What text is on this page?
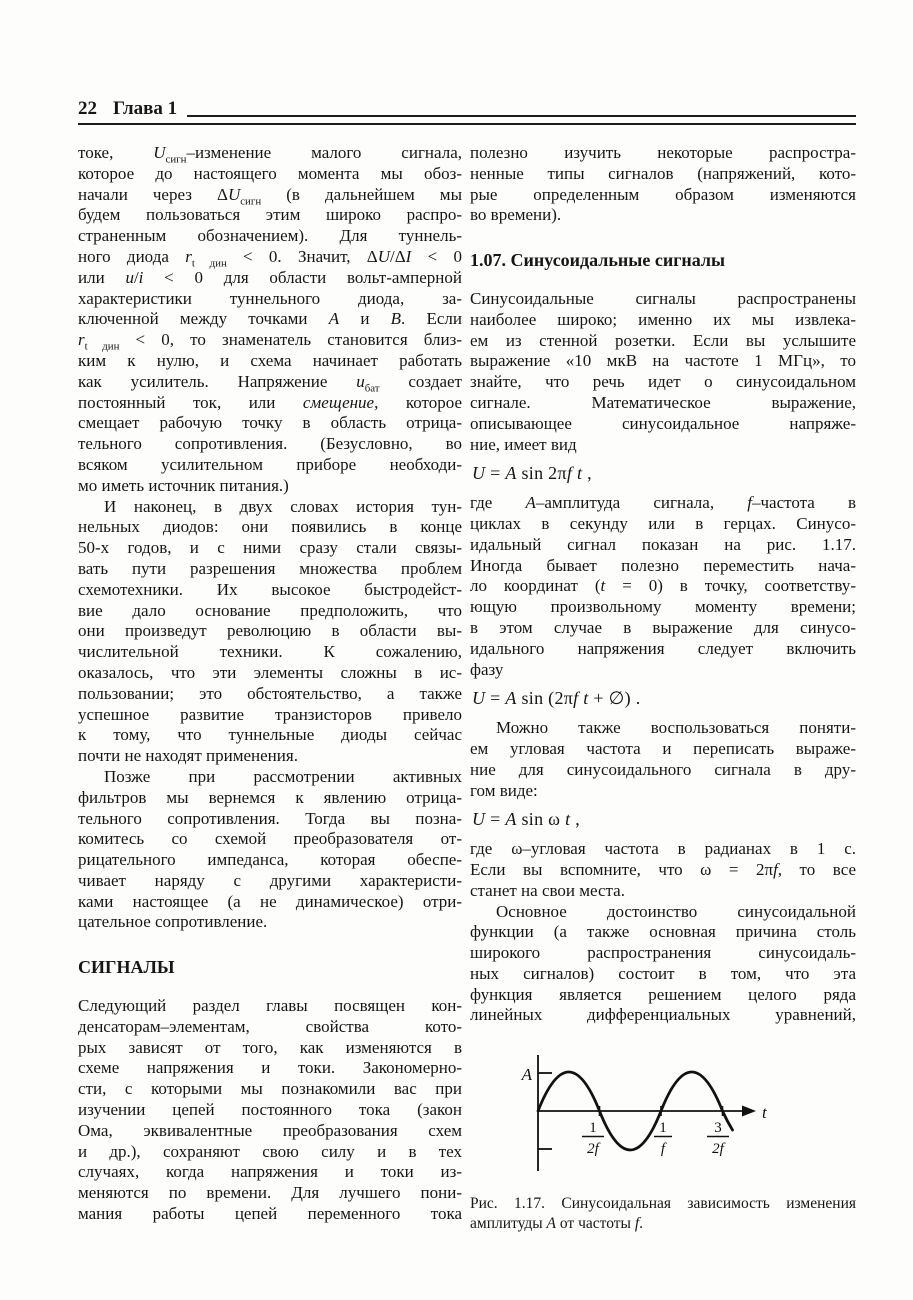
22 Глава 1
токе, $U_{сигн}$–изменение малого сигнала,
которое до настоящего момента мы обоз-
начали через $\Delta U_{сигн}$ (в дальнейшем мы
будем пользоваться этим широко распро-
страненным обозначением). Для туннель-
ного диода $r_{t дин} < 0$. Значит, ΔU/ΔI < 0
или u/i < 0 для области вольт-амперной
характеристики туннельного диода, за-
ключенной между точками A и B. Если
$r_{t дин} < 0$, то знаменатель становится близ-
ким к нулю, и схема начинает работать
как усилитель. Напряжение $u_{бат}$ создает
постоянный ток, или смещение, которое
смещает рабочую точку в область отрица-
тельного сопротивления. (Безусловно, во
всяком усилительном приборе необходи-
мо иметь источник питания.)
И наконец, в двух словах история тун-
нельных диодов: они появились в конце
50-х годов, и с ними сразу стали связы-
вать пути разрешения множества проблем
схемотехники. Их высокое быстродейст-
вие дало основание предположить, что
они произведут революцию в области вы-
числительной техники. К сожалению,
оказалось, что эти элементы сложны в ис-
пользовании; это обстоятельство, а также
успешное развитие транзисторов привело
к тому, что туннельные диоды сейчас
почти не находят применения.
Позже при рассмотрении активных
фильтров мы вернемся к явлению отрица-
тельного сопротивления. Тогда вы позна-
комитесь со схемой преобразователя от-
рицательного импеданса, которая обеспе-
чивает наряду с другими характеристи-
ками настоящее (а не динамическое) отри-
цательное сопротивление.
СИГНАЛЫ
Следующий раздел главы посвящен кон-
денсаторам–элементам, свойства кото-
рых зависят от того, как изменяются в
схеме напряжения и токи. Закономерно-
сти, с которыми мы познакомили вас при
изучении цепей постоянного тока (закон
Ома, эквивалентные преобразования схем
и др.), сохраняют свою силу и в тех
случаях, когда напряжения и токи из-
меняются по времени. Для лучшего пони-
мания работы цепей переменного тока
полезно изучить некоторые распростра-
ненные типы сигналов (напряжений, кото-
рые определенным образом изменяются
во времени).
1.07. Синусоидальные сигналы
Синусоидальные сигналы распространены
наиболее широко; именно их мы извлека-
ем из стенной розетки. Если вы услышите
выражение «10 мкВ на частоте 1 МГц», то
знайте, что речь идет о синусоидальном
сигнале. Математическое выражение,
описывающее синусоидальное напряже-
ние, имеет вид
U = A sin 2πf t ,
где A–амплитуда сигнала, f–частота в
циклах в секунду или в герцах. Синусо-
идальный сигнал показан на рис. 1.17.
Иногда бывает полезно переместить нача-
ло координат (t = 0) в точку, соответству-
ющую произвольному моменту времени;
в этом случае в выражение для синусо-
идального напряжения следует включить
фазу
U = A sin (2πf t + ∅) .
Можно также воспользоваться поняти-
ем угловая частота и переписать выраже-
ние для синусоидального сигнала в дру-
гом виде:
U = A sin ω t ,
где ω–угловая частота в радианах в 1 с.
Если вы вспомните, что ω = 2πf, то все
станет на свои места.
Основное достоинство синусоидальной
функции (а также основная причина столь
широкого распространения синусоидаль-
ных сигналов) состоит в том, что эта
функция является решением целого ряда
линейных дифференциальных уравнений,
A
t
1
2f
1
f
3
2f
Рис. 1.17. Синусоидальная зависимость изменения
амплитуды A от частоты f.
